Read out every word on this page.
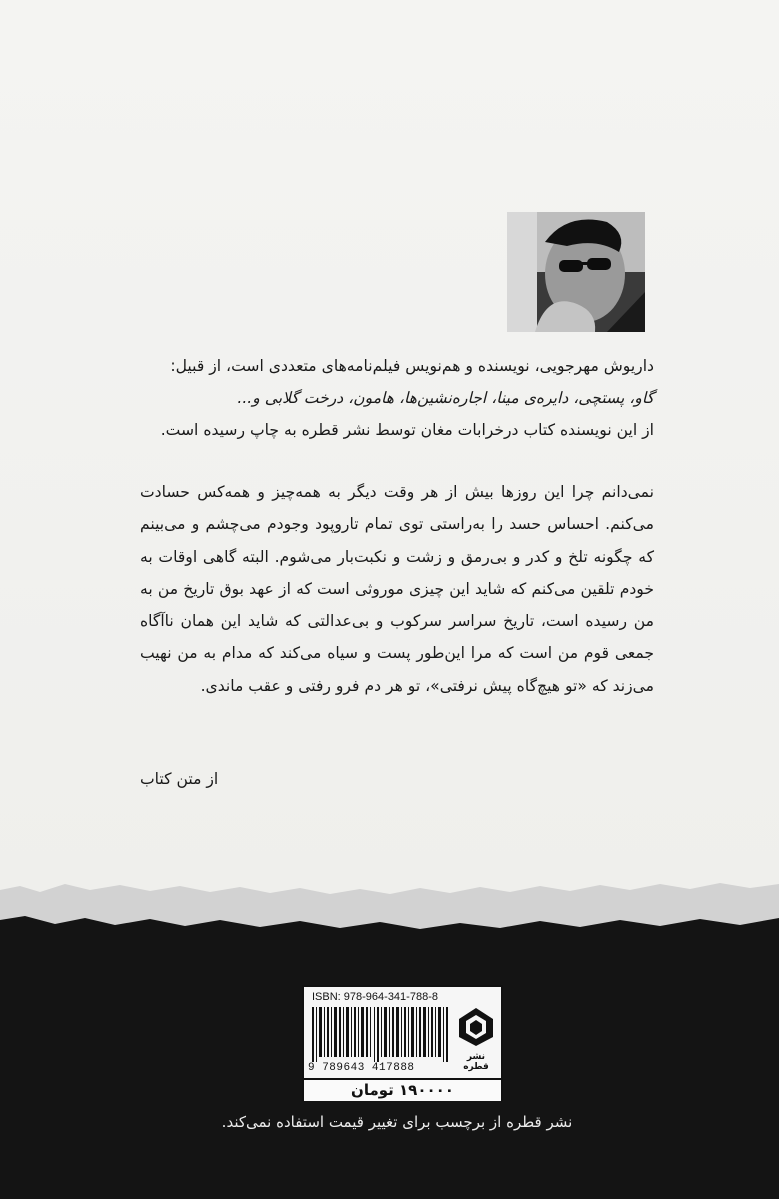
داریوش مهرجویی، نویسنده و هم‌نویس فیلم‌نامه‌های متعددی است، از قبیل:

گاو، پستچی، دایره‌ی مینا، اجاره‌نشین‌ها، هامون، درخت گلابی و...

از این نویسنده کتاب درخرابات مغان توسط نشر قطره به چاپ رسیده است.

نمی‌دانم چرا این روزها بیش از هر وقت دیگر به همه‌چیز و همه‌کس حسادت می‌کنم. احساس حسد را به‌راستی توی تمام تاروپود وجودم می‌چشم و می‌بینم که چگونه تلخ و کدر و بی‌رمق و زشت و نکبت‌بار می‌شوم. البته گاهی اوقات به خودم تلقین می‌کنم که شاید این چیزی موروثی است که از عهد بوق تاریخ من به من رسیده است، تاریخ سراسر سرکوب و بی‌عدالتی که شاید این همان ناآگاه جمعی قوم من است که مرا این‌طور پست و سیاه می‌کند که مدام به من نهیب می‌زند که «تو هیچ‌گاه پیش نرفتی»، تو هر دم فرو رفتی و عقب ماندی.

از متن کتاب
ISBN: 978-964-341-788-8
9 789643 417888
نشر قطره
۱۹۰۰۰۰ تومان
نشر قطره از برچسب برای تغییر قیمت استفاده نمی‌کند.
